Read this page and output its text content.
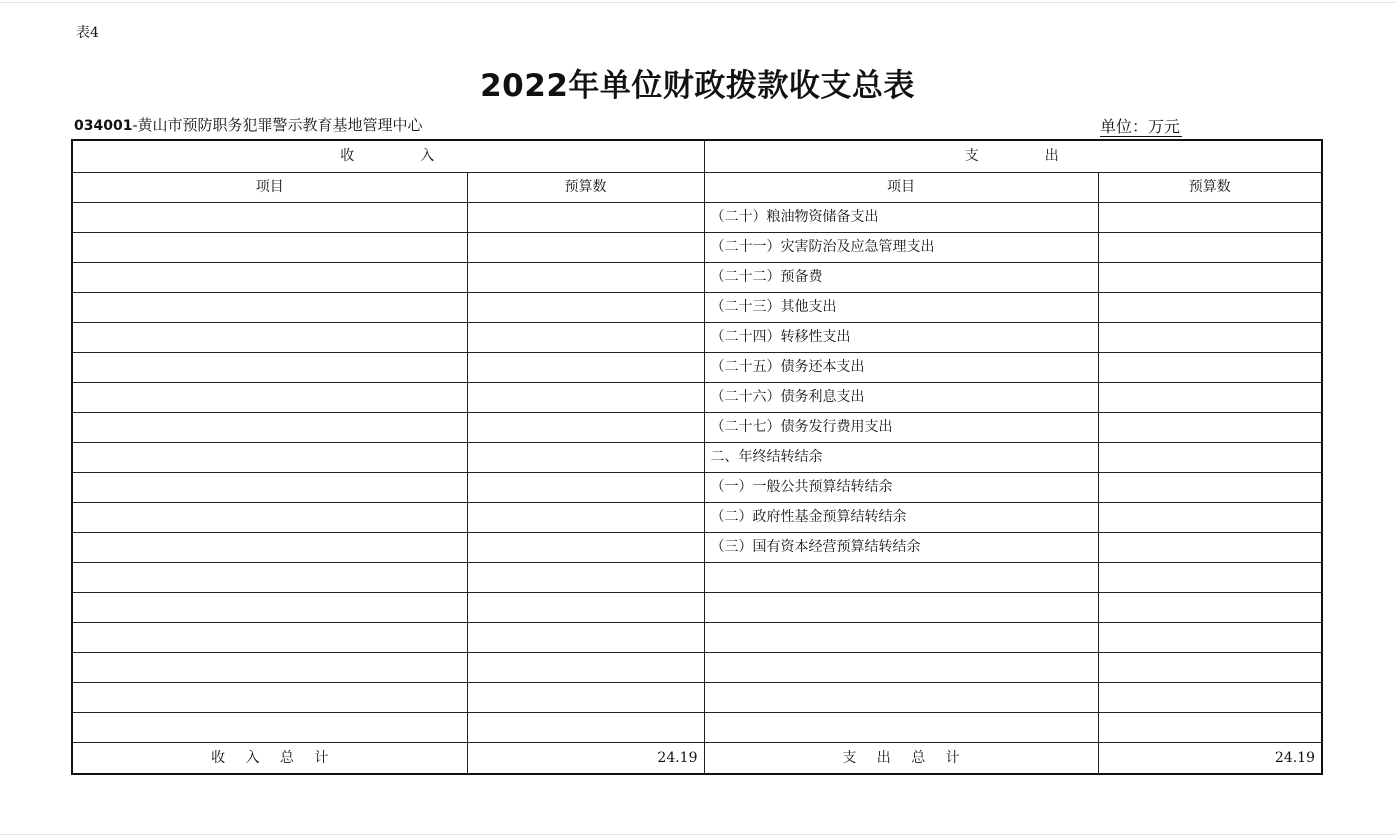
表4
2022年单位财政拨款收支总表
034001-黄山市预防职务犯罪警示教育基地管理中心	单位：万元
收　　　　入		支　　　　出	
项目	预算数	项目	预算数
		（二十）粮油物资储备支出	
		（二十一）灾害防治及应急管理支出	
		（二十二）预备费	
		（二十三）其他支出	
		（二十四）转移性支出	
		（二十五）债务还本支出	
		（二十六）债务利息支出	
		（二十七）债务发行费用支出	
		二、年终结转结余	
		（一）一般公共预算结转结余	
		（二）政府性基金预算结转结余	
		（三）国有资本经营预算结转结余	

收 入 总 计	24.19	支 出 总 计	24.19
